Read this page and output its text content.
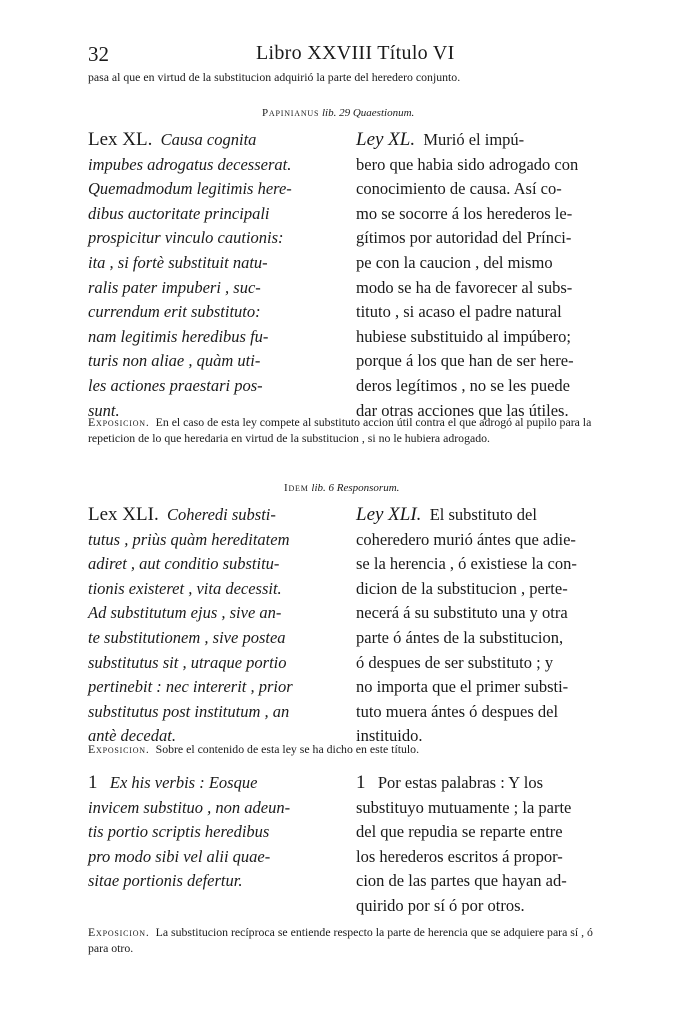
32	Libro XXVIII Título VI
pasa al que en virtud de la substitucion adquirió la parte del heredero conjunto.
Papinianus lib. 29 Quaestionum.
Lex XL. Causa cognita
impubes adrogatus decesserat.
Quemadmodum legitimis here-
dibus auctoritate principali
prospicitur vinculo cautionis:
ita , si fortè substituit natu-
ralis pater impuberi , suc-
currendum erit substituto:
nam legitimis heredibus fu-
turis non aliae , quàm uti-
les actiones praestari pos-
sunt.
Ley XL. Murió el impú-
bero que habia sido adrogado con
conocimiento de causa. Así co-
mo se socorre á los herederos le-
gítimos por autoridad del Prínci-
pe con la caucion , del mismo
modo se ha de favorecer al subs-
tituto , si acaso el padre natural
hubiese substituido al impúbero;
porque á los que han de ser here-
deros legítimos , no se les puede
dar otras acciones que las útiles.
Exposicion. En el caso de esta ley compete al substituto accion útil contra el que adrogó al pupilo para la repeticion de lo que heredaria en virtud de la substitucion , si no le hubiera adrogado.
Idem lib. 6 Responsorum.
Lex XLI. Coheredi substi-
tutus , priùs quàm hereditatem
adiret , aut conditio substitu-
tionis existeret , vita decessit.
Ad substitutum ejus , sive an-
te substitutionem , sive postea
substitutus sit , utraque portio
pertinebit : nec intererit , prior
substitutus post institutum , an
antè decedat.
Ley XLI. El substituto del
coheredero murió ántes que adie-
se la herencia , ó existiese la con-
dicion de la substitucion , perte-
necerá á su substituto una y otra
parte ó ántes de la substitucion,
ó despues de ser substituto ; y
no importa que el primer substi-
tuto muera ántes ó despues del
instituido.
Exposicion. Sobre el contenido de esta ley se ha dicho en este título.
1 Ex his verbis : Eosque
invicem substituo , non adeun-
tis portio scriptis heredibus
pro modo sibi vel alii quae-
sitae portionis defertur.
1 Por estas palabras : Y los
substituyo mutuamente ; la parte
del que repudia se reparte entre
los herederos escritos á propor-
cion de las partes que hayan ad-
quirido por sí ó por otros.
Exposicion. La substitucion recíproca se entiende respecto la parte de herencia que se adquiere para sí , ó para otro.
